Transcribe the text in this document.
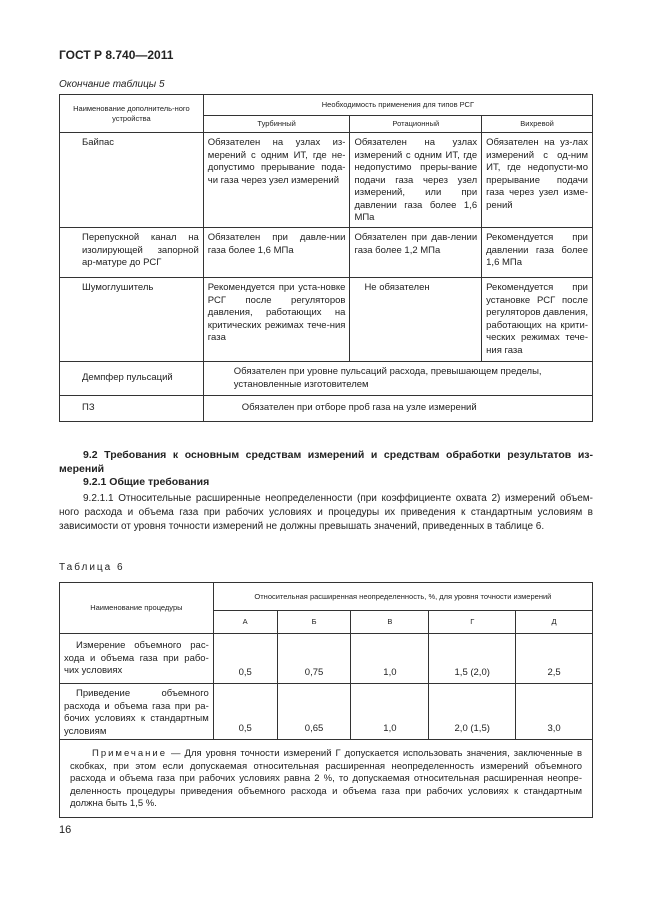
ГОСТ Р 8.740—2011
Окончание таблицы 5
Наименование дополнитель-ного устройства	Необходимость применения для типов РСГ		
	Турбинный	Ротационный	Вихревой
Байпас	Обязателен на узлах из-мерений с одним ИТ, где не-допустимо прерывание пода-чи газа через узел измерений	Обязателен на узлах измерений с одним ИТ, где недопустимо преры-вание подачи газа через узел измерений, или при давлении газа более 1,6 МПа	Обязателен на уз-лах измерений с од-ним ИТ, где недопусти-мо прерывание подачи газа через узел изме-рений
Перепускной канал на изолирующей запорной ар-матуре до РСГ	Обязателен при давле-нии газа более 1,6 МПа	Обязателен при дав-лении газа более 1,2 МПа	Рекомендуется при давлении газа более 1,6 МПа
Шумоглушитель	Рекомендуется при уста-новке РСГ после регуляторов давления, работающих на критических режимах тече-ния газа	Не обязателен	Рекомендуется при установке РСГ после регуляторов давления, работающих на крити-ческих режимах тече-ния газа
Демпфер пульсаций	Обязателен при уровне пульсаций расхода, превышающем пределы, установленные изготовителем		
ПЗ	Обязателен при отборе проб газа на узле измерений		
9.2 Требования к основным средствам измерений и средствам обработки результатов из-мерений
9.2.1 Общие требования
9.2.1.1 Относительные расширенные неопределенности (при коэффициенте охвата 2) измерений объем-ного расхода и объема газа при рабочих условиях и процедуры их приведения к стандартным условиям в зависимости от уровня точности измерений не должны превышать значений, приведенных в таблице 6.
Таблица 6
Наименование процедуры	Относительная расширенная неопределенность, %, для уровня точности измерений				
	А	Б	В	Г	Д
Измерение объемного рас-хода и объема газа при рабо-чих условиях	0,5	0,75	1,0	1,5 (2,0)	2,5
Приведение объемного расхода и объема газа при ра-бочих условиях к стандартным условиям	0,5	0,65	1,0	2,0 (1,5)	3,0
Примечание — Для уровня точности измерений Г допускается использовать значения, заключенные в скобках, при этом если допускаемая относительная расширенная неопределенность измерений объемного расхода и объема газа при рабочих условиях равна 2 %, то допускаемая относительная расширенная неопре-деленность процедуры приведения объемного расхода и объема газа при рабочих условиях к стандартным должна быть 1,5 %.					
16
